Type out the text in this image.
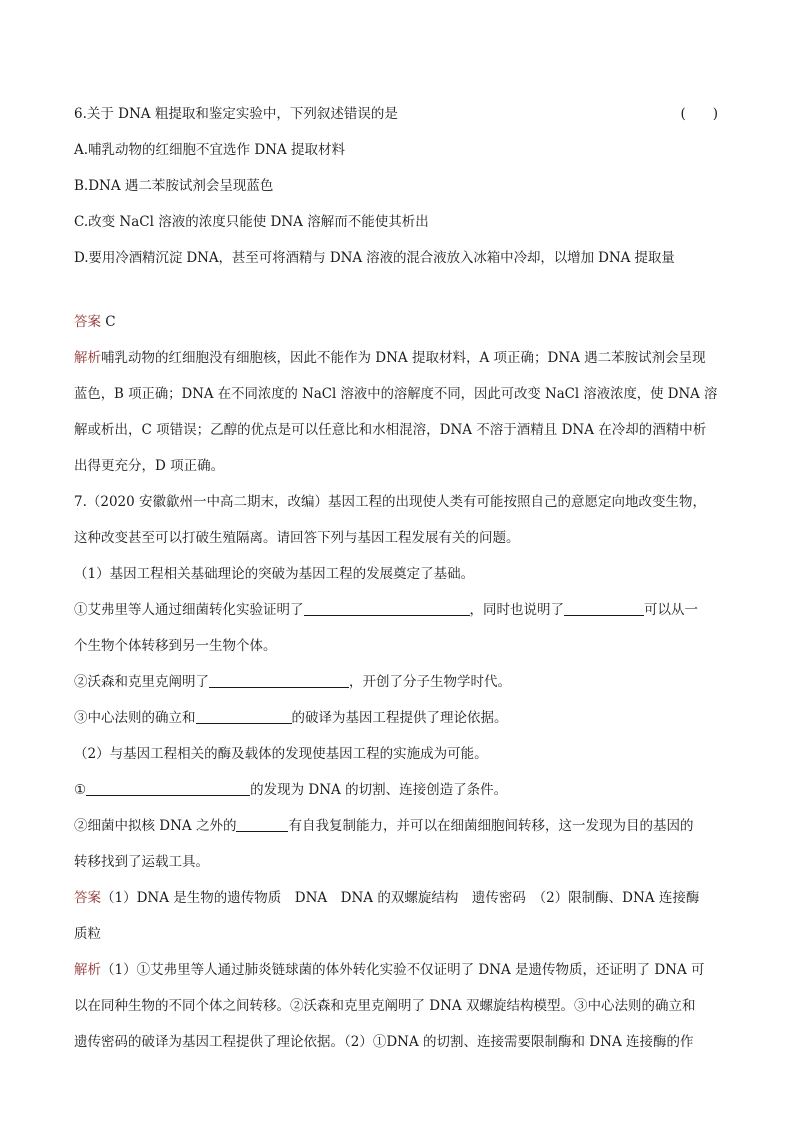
6.关于 DNA 粗提取和鉴定实验中，下列叙述错误的是	(　　)
A.哺乳动物的红细胞不宜选作 DNA 提取材料
B.DNA 遇二苯胺试剂会呈现蓝色
C.改变 NaCl 溶液的浓度只能使 DNA 溶解而不能使其析出
D.要用冷酒精沉淀 DNA，甚至可将酒精与 DNA 溶液的混合液放入冰箱中冷却，以增加 DNA 提取量
答案 C
解析哺乳动物的红细胞没有细胞核，因此不能作为 DNA 提取材料，A 项正确；DNA 遇二苯胺试剂会呈现
蓝色，B 项正确；DNA 在不同浓度的 NaCl 溶液中的溶解度不同，因此可改变 NaCl 溶液浓度，使 DNA 溶
解或析出，C 项错误；乙醇的优点是可以任意比和水相混溶，DNA 不溶于酒精且 DNA 在冷却的酒精中析
出得更充分，D 项正确。
7.（2020 安徽歙州一中高二期末，改编）基因工程的出现使人类有可能按照自己的意愿定向地改变生物，
这种改变甚至可以打破生殖隔离。请回答下列与基因工程发展有关的问题。
（1）基因工程相关基础理论的突破为基因工程的发展奠定了基础。
①艾弗里等人通过细菌转化实验证明了	，同时也说明了	可以从一
个生物个体转移到另一生物个体。
②沃森和克里克阐明了	，开创了分子生物学时代。
③中心法则的确立和	的破译为基因工程提供了理论依据。
（2）与基因工程相关的酶及载体的发现使基因工程的实施成为可能。
①	的发现为 DNA 的切割、连接创造了条件。
②细菌中拟核 DNA 之外的	有自我复制能力，并可以在细菌细胞间转移，这一发现为目的基因的
转移找到了运载工具。
答案（1）DNA 是生物的遗传物质　DNA　DNA 的双螺旋结构　遗传密码　（2）限制酶、DNA 连接酶
质粒
解析（1）①艾弗里等人通过肺炎链球菌的体外转化实验不仅证明了 DNA 是遗传物质，还证明了 DNA 可
以在同种生物的不同个体之间转移。②沃森和克里克阐明了 DNA 双螺旋结构模型。③中心法则的确立和
遗传密码的破译为基因工程提供了理论依据。（2）①DNA 的切割、连接需要限制酶和 DNA 连接酶的作
